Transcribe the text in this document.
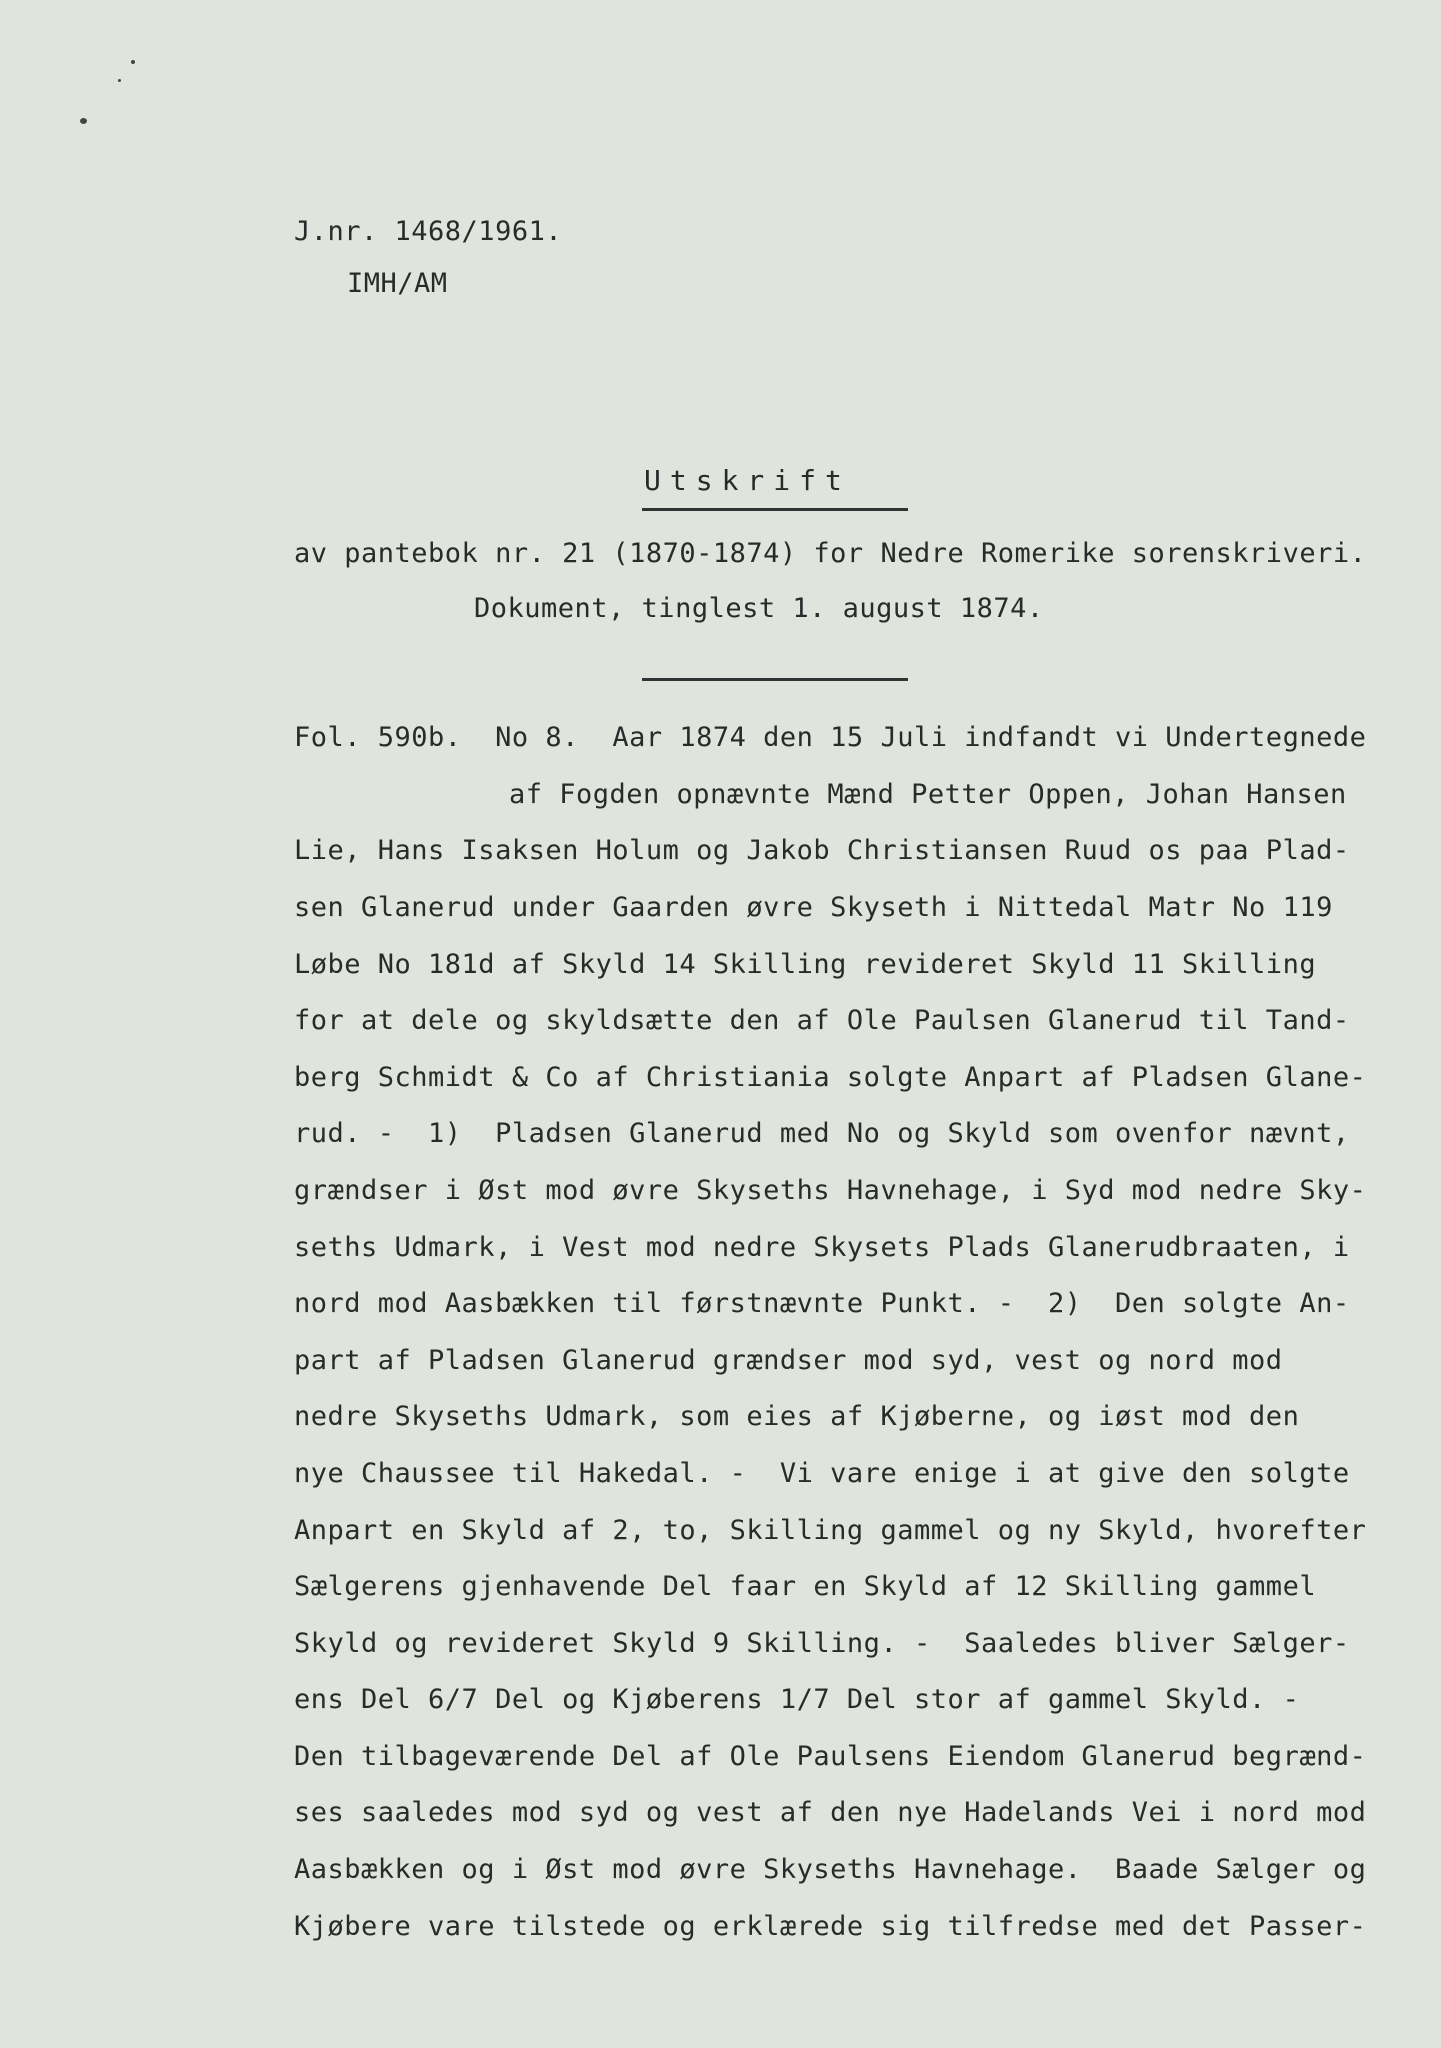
J.nr. 1468/1961.
IMH/AM
Utskrift
av pantebok nr. 21 (1870-1874) for Nedre Romerike sorenskriveri.
Dokument, tinglest 1. august 1874.
Fol. 590b.  No 8.  Aar 1874 den 15 Juli indfandt vi Undertegnede
af Fogden opnævnte Mænd Petter Oppen, Johan Hansen
Lie, Hans Isaksen Holum og Jakob Christiansen Ruud os paa Plad-
sen Glanerud under Gaarden øvre Skyseth i Nittedal Matr No 119
Løbe No 181d af Skyld 14 Skilling revideret Skyld 11 Skilling
for at dele og skyldsætte den af Ole Paulsen Glanerud til Tand-
berg Schmidt & Co af Christiania solgte Anpart af Pladsen Glane-
rud. -  1)  Pladsen Glanerud med No og Skyld som ovenfor nævnt,
grændser i Øst mod øvre Skyseths Havnehage, i Syd mod nedre Sky-
seths Udmark, i Vest mod nedre Skysets Plads Glanerudbraaten, i
nord mod Aasbækken til førstnævnte Punkt. -  2)  Den solgte An-
part af Pladsen Glanerud grændser mod syd, vest og nord mod
nedre Skyseths Udmark, som eies af Kjøberne, og iøst mod den
nye Chaussee til Hakedal. -  Vi vare enige i at give den solgte
Anpart en Skyld af 2, to, Skilling gammel og ny Skyld, hvorefter
Sælgerens gjenhavende Del faar en Skyld af 12 Skilling gammel
Skyld og revideret Skyld 9 Skilling. -  Saaledes bliver Sælger-
ens Del 6/7 Del og Kjøberens 1/7 Del stor af gammel Skyld. -
Den tilbageværende Del af Ole Paulsens Eiendom Glanerud begrænd-
ses saaledes mod syd og vest af den nye Hadelands Vei i nord mod
Aasbækken og i Øst mod øvre Skyseths Havnehage.  Baade Sælger og
Kjøbere vare tilstede og erklærede sig tilfredse med det Passer-
